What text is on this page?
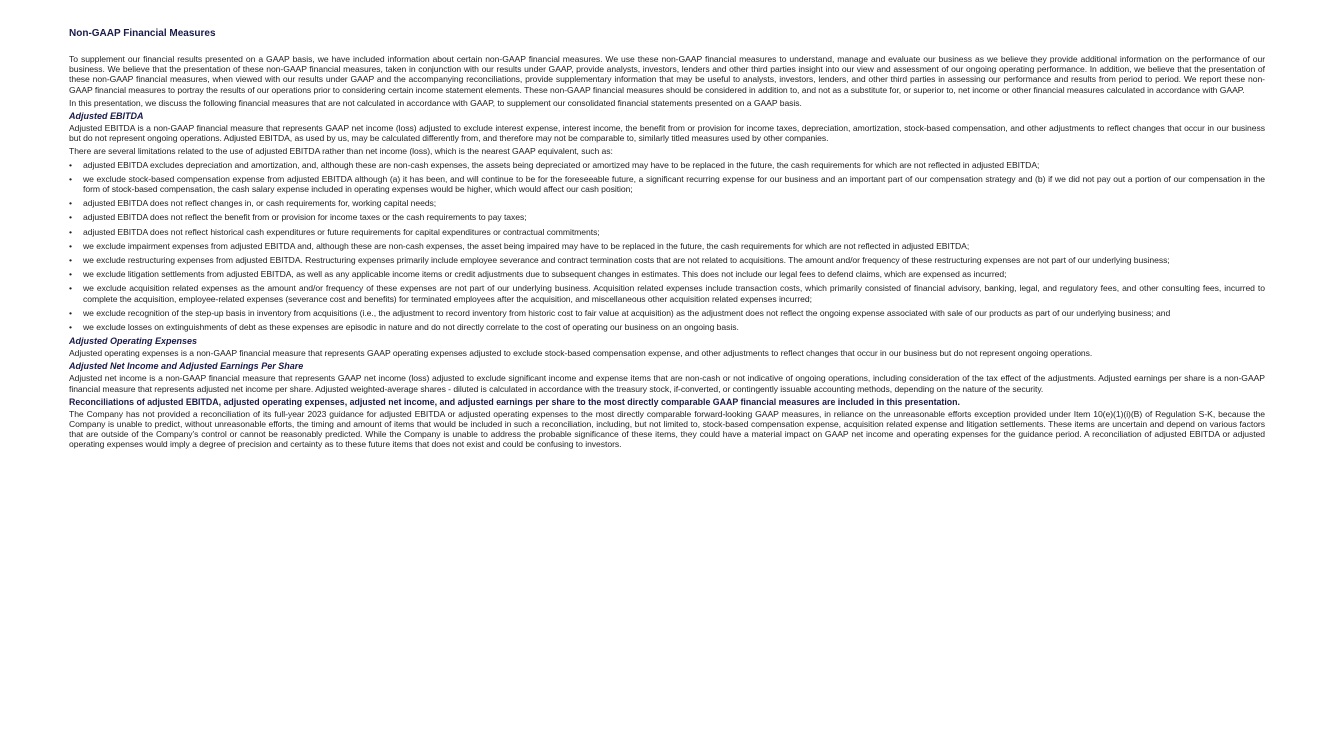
Non-GAAP Financial Measures

To supplement our financial results presented on a GAAP basis, we have included information about certain non-GAAP financial measures. We use these non-GAAP financial measures to understand, manage and evaluate our business as we believe they provide additional information on the performance of our business. We believe that the presentation of these non-GAAP financial measures, taken in conjunction with our results under GAAP, provide analysts, investors, lenders and other third parties insight into our view and assessment of our ongoing operating performance. In addition, we believe that the presentation of these non-GAAP financial measures, when viewed with our results under GAAP and the accompanying reconciliations, provide supplementary information that may be useful to analysts, investors, lenders, and other third parties in assessing our performance and results from period to period. We report these non-GAAP financial measures to portray the results of our operations prior to considering certain income statement elements. These non-GAAP financial measures should be considered in addition to, and not as a substitute for, or superior to, net income or other financial measures calculated in accordance with GAAP.

In this presentation, we discuss the following financial measures that are not calculated in accordance with GAAP, to supplement our consolidated financial statements presented on a GAAP basis.

Adjusted EBITDA

Adjusted EBITDA is a non-GAAP financial measure that represents GAAP net income (loss) adjusted to exclude interest expense, interest income, the benefit from or provision for income taxes, depreciation, amortization, stock-based compensation, and other adjustments to reflect changes that occur in our business but do not represent ongoing operations. Adjusted EBITDA, as used by us, may be calculated differently from, and therefore may not be comparable to, similarly titled measures used by other companies.

There are several limitations related to the use of adjusted EBITDA rather than net income (loss), which is the nearest GAAP equivalent, such as:

• adjusted EBITDA excludes depreciation and amortization, and, although these are non-cash expenses, the assets being depreciated or amortized may have to be replaced in the future, the cash requirements for which are not reflected in adjusted EBITDA;
• we exclude stock-based compensation expense from adjusted EBITDA although (a) it has been, and will continue to be for the foreseeable future, a significant recurring expense for our business and an important part of our compensation strategy and (b) if we did not pay out a portion of our compensation in the form of stock-based compensation, the cash salary expense included in operating expenses would be higher, which would affect our cash position;
• adjusted EBITDA does not reflect changes in, or cash requirements for, working capital needs;
• adjusted EBITDA does not reflect the benefit from or provision for income taxes or the cash requirements to pay taxes;
• adjusted EBITDA does not reflect historical cash expenditures or future requirements for capital expenditures or contractual commitments;
• we exclude impairment expenses from adjusted EBITDA and, although these are non-cash expenses, the asset being impaired may have to be replaced in the future, the cash requirements for which are not reflected in adjusted EBITDA;
• we exclude restructuring expenses from adjusted EBITDA. Restructuring expenses primarily include employee severance and contract termination costs that are not related to acquisitions. The amount and/or frequency of these restructuring expenses are not part of our underlying business;
• we exclude litigation settlements from adjusted EBITDA, as well as any applicable income items or credit adjustments due to subsequent changes in estimates. This does not include our legal fees to defend claims, which are expensed as incurred;
• we exclude acquisition related expenses as the amount and/or frequency of these expenses are not part of our underlying business. Acquisition related expenses include transaction costs, which primarily consisted of financial advisory, banking, legal, and regulatory fees, and other consulting fees, incurred to complete the acquisition, employee-related expenses (severance cost and benefits) for terminated employees after the acquisition, and miscellaneous other acquisition related expenses incurred;
• we exclude recognition of the step-up basis in inventory from acquisitions (i.e., the adjustment to record inventory from historic cost to fair value at acquisition) as the adjustment does not reflect the ongoing expense associated with sale of our products as part of our underlying business; and
• we exclude losses on extinguishments of debt as these expenses are episodic in nature and do not directly correlate to the cost of operating our business on an ongoing basis.
Adjusted Operating Expenses

Adjusted operating expenses is a non-GAAP financial measure that represents GAAP operating expenses adjusted to exclude stock-based compensation expense, and other adjustments to reflect changes that occur in our business but do not represent ongoing operations.

Adjusted Net Income and Adjusted Earnings Per Share

Adjusted net income is a non-GAAP financial measure that represents GAAP net income (loss) adjusted to exclude significant income and expense items that are non-cash or not indicative of ongoing operations, including consideration of the tax effect of the adjustments. Adjusted earnings per share is a non-GAAP financial measure that represents adjusted net income per share. Adjusted weighted-average shares - diluted is calculated in accordance with the treasury stock, if-converted, or contingently issuable accounting methods, depending on the nature of the security.

Reconciliations of adjusted EBITDA, adjusted operating expenses, adjusted net income, and adjusted earnings per share to the most directly comparable GAAP financial measures are included in this presentation.

The Company has not provided a reconciliation of its full-year 2023 guidance for adjusted EBITDA or adjusted operating expenses to the most directly comparable forward-looking GAAP measures, in reliance on the unreasonable efforts exception provided under Item 10(e)(1)(i)(B) of Regulation S-K, because the Company is unable to predict, without unreasonable efforts, the timing and amount of items that would be included in such a reconciliation, including, but not limited to, stock-based compensation expense, acquisition related expense and litigation settlements. These items are uncertain and depend on various factors that are outside of the Company’s control or cannot be reasonably predicted. While the Company is unable to address the probable significance of these items, they could have a material impact on GAAP net income and operating expenses for the guidance period. A reconciliation of adjusted EBITDA or adjusted operating expenses would imply a degree of precision and certainty as to these future items that does not exist and could be confusing to investors.
